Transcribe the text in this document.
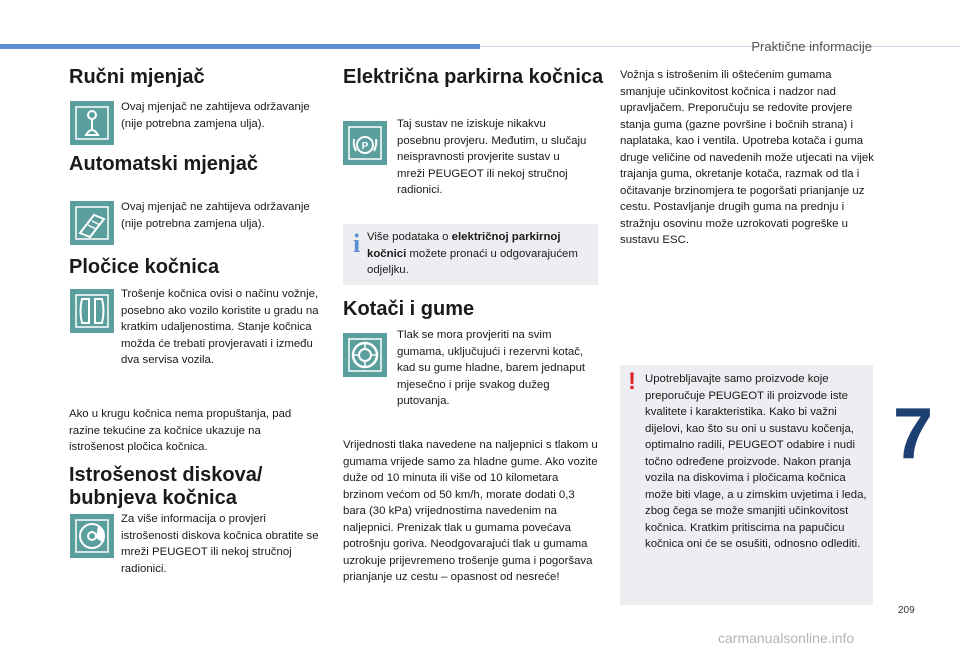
Praktične informacije
7
209
carmanualsonline.info
Ručni mjenjač
Ovaj mjenjač ne zahtijeva održavanje (nije potrebna zamjena ulja).
Automatski mjenjač
Ovaj mjenjač ne zahtijeva održavanje (nije potrebna zamjena ulja).
Pločice kočnica
Trošenje kočnica ovisi o načinu vožnje, posebno ako vozilo koristite u gradu na kratkim udaljenostima. Stanje kočnica možda će trebati provjeravati i između dva servisa vozila.
Ako u krugu kočnica nema propuštanja, pad razine tekućine za kočnice ukazuje na istrošenost pločica kočnica.
Istrošenost diskova/
bubnjeva kočnica
Za više informacija o provjeri istrošenosti diskova kočnica obratite se mreži PEUGEOT ili nekoj stručnoj radionici.
Električna parkirna kočnica
P
Taj sustav ne iziskuje nikakvu posebnu provjeru. Međutim, u slučaju neispravnosti provjerite sustav u mreži PEUGEOT ili nekoj stručnoj radionici.
i Više podataka o električnoj parkirnoj kočnici možete pronaći u odgovarajućem odjeljku.
Kotači i gume
Tlak se mora provjeriti na svim gumama, uključujući i rezervni kotač, kad su gume hladne, barem jednaput mjesečno i prije svakog dužeg putovanja.
Vrijednosti tlaka navedene na naljepnici s tlakom u gumama vrijede samo za hladne gume. Ako vozite duže od 10 minuta ili više od 10 kilometara brzinom većom od 50 km/h, morate dodati 0,3 bara (30 kPa) vrijednostima navedenim na naljepnici. Prenizak tlak u gumama povećava potrošnju goriva. Neodgovarajući tlak u gumama uzrokuje prijevremeno trošenje guma i pogoršava prianjanje uz cestu – opasnost od nesreće!
Vožnja s istrošenim ili oštećenim gumama smanjuje učinkovitost kočnica i nadzor nad upravljačem. Preporučuju se redovite provjere stanja guma (gazne površine i bočnih strana) i naplataka, kao i ventila. Upotreba kotača i guma druge veličine od navedenih može utjecati na vijek trajanja guma, okretanje kotača, razmak od tla i očitavanje brzinomjera te pogoršati prianjanje uz cestu. Postavljanje drugih guma na prednju i stražnju osovinu može uzrokovati pogreške u sustavu ESC.
! Upotrebljavajte samo proizvode koje preporučuje PEUGEOT ili proizvode iste kvalitete i karakteristika. Kako bi važni dijelovi, kao što su oni u sustavu kočenja, optimalno radili, PEUGEOT odabire i nudi točno određene proizvode. Nakon pranja vozila na diskovima i pločicama kočnica može biti vlage, a u zimskim uvjetima i leda, zbog čega se može smanjiti učinkovitost kočnica. Kratkim pritiscima na papučicu kočnica oni će se osušiti, odnosno odlediti.
